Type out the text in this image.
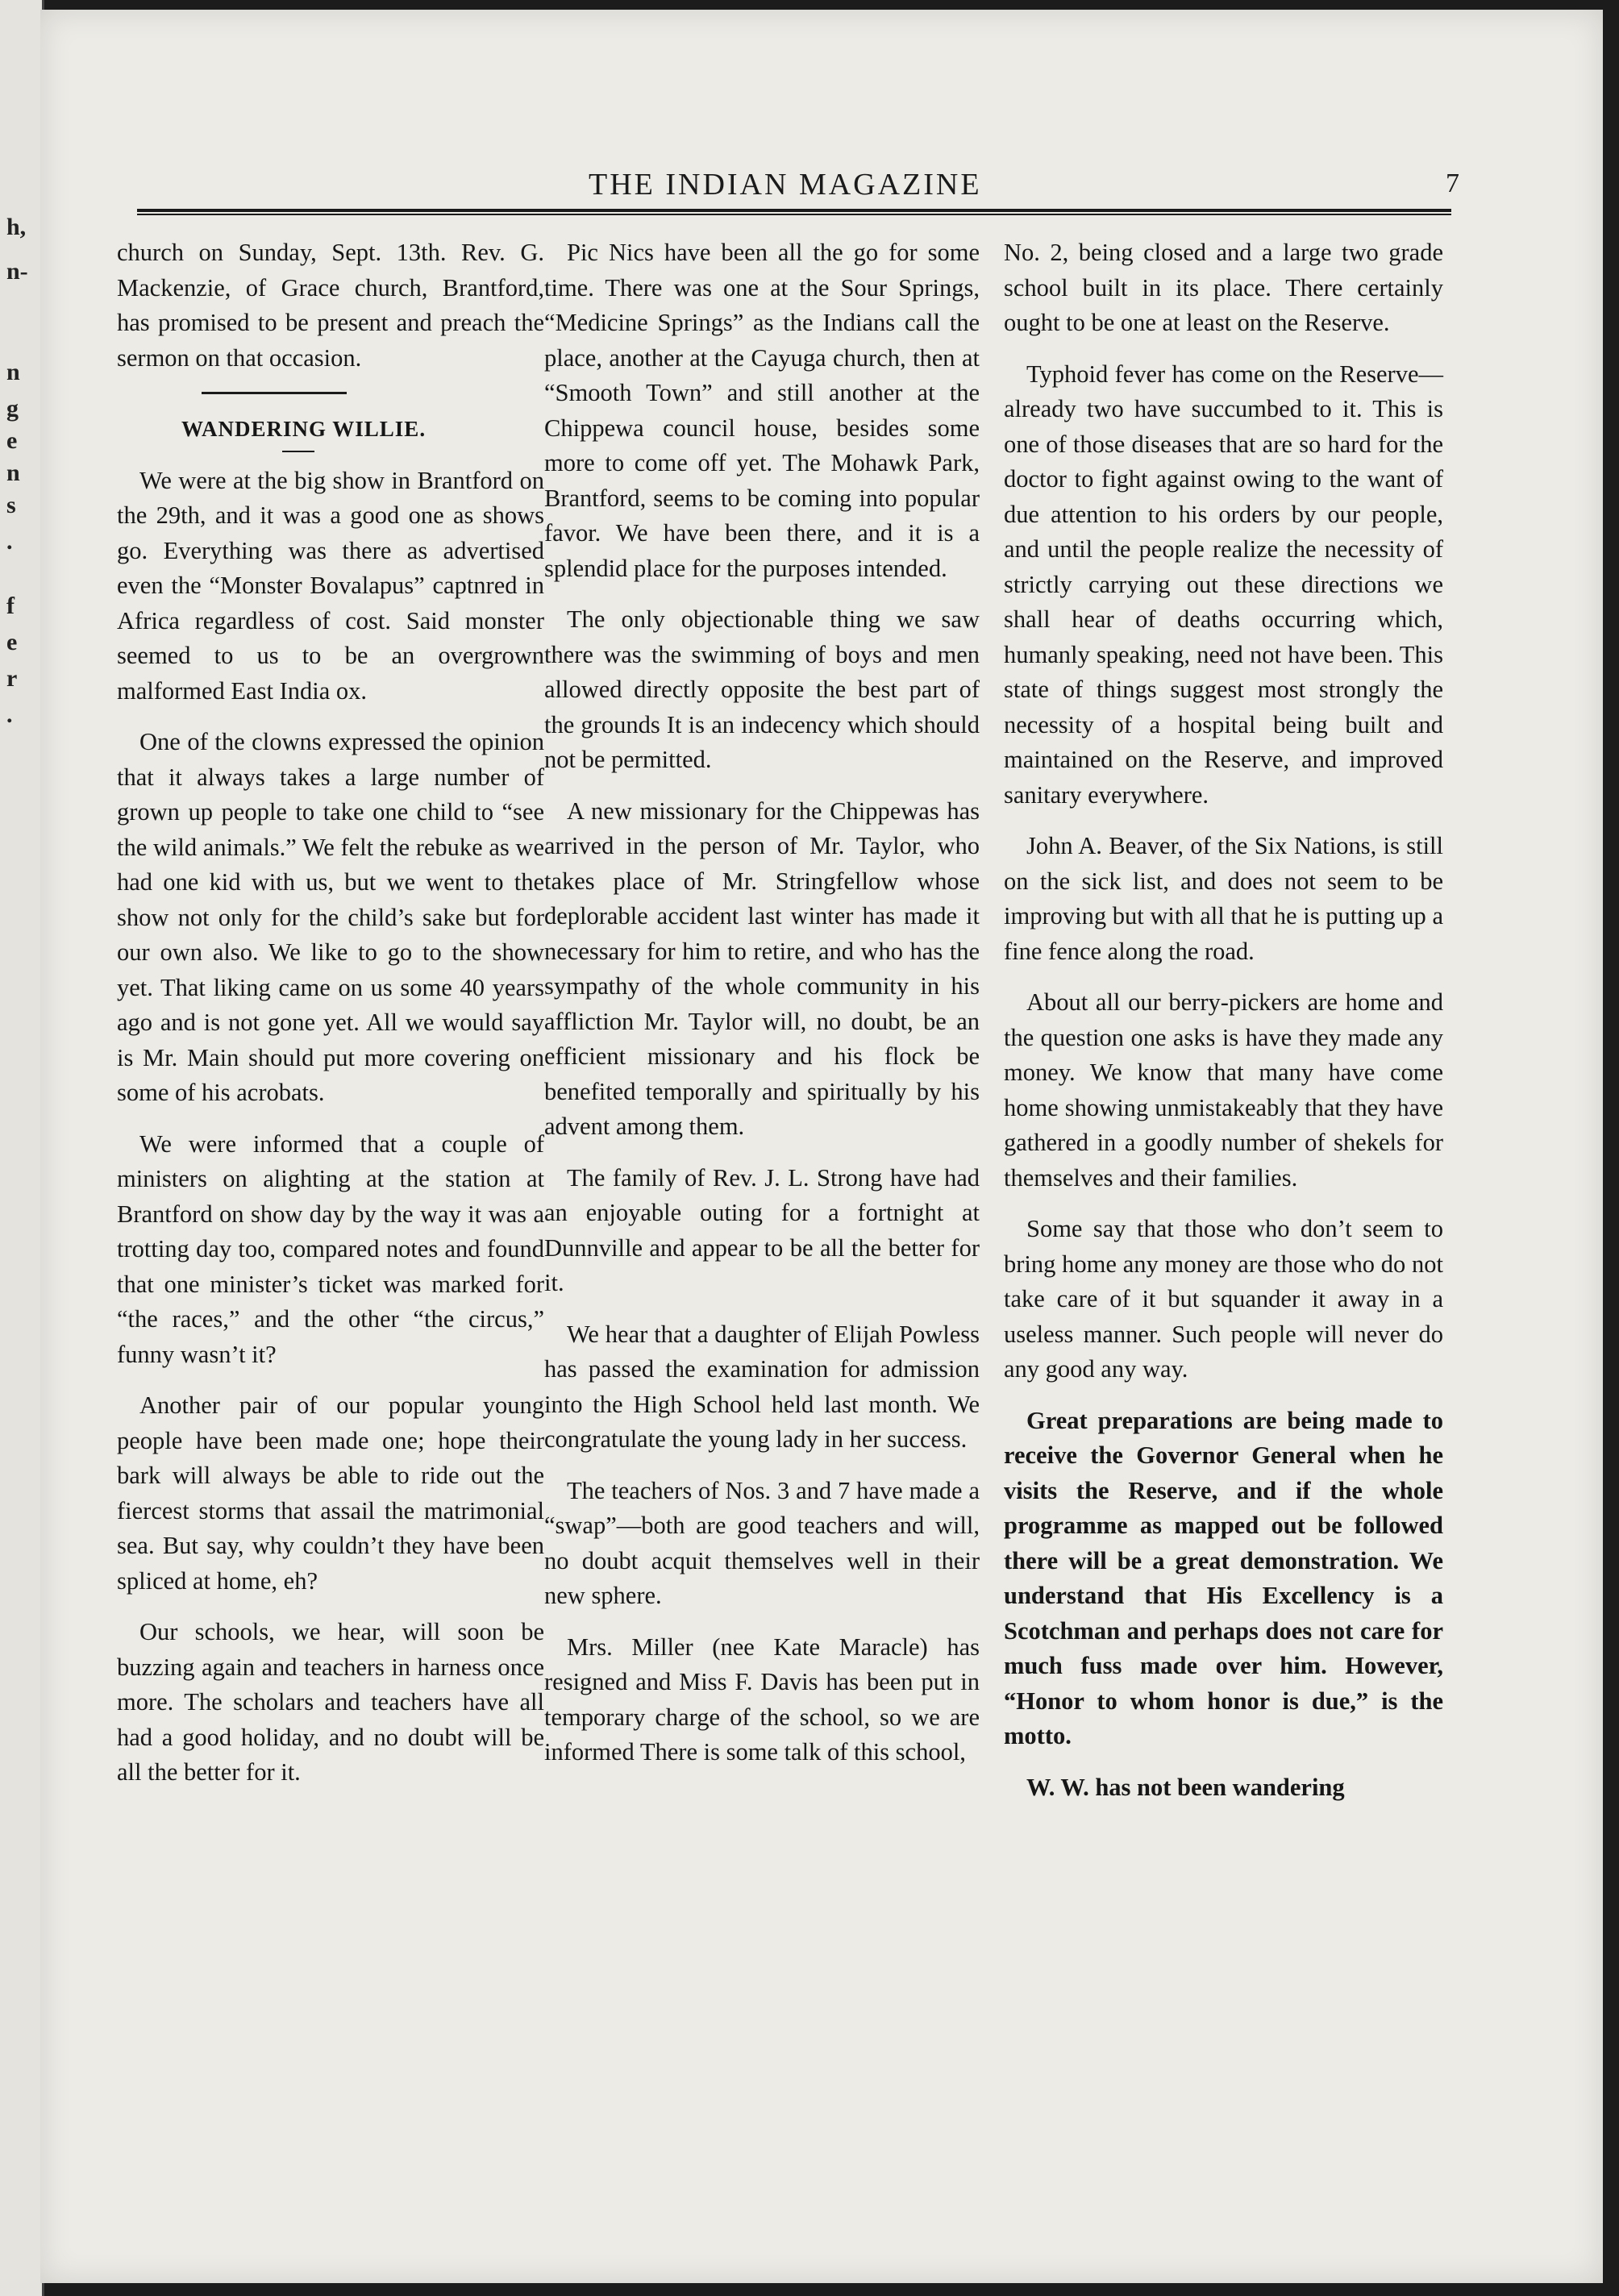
h,
n-
n
g
e
n
s
.
f
e
r
.
THE INDIAN MAGAZINE	7

church on Sunday, Sept. 13th. Rev. G. Mackenzie, of Grace church, Brantford, has promised to be present and preach the sermon on that occasion.

WANDERING WILLIE.

We were at the big show in Brantford on the 29th, and it was a good one as shows go. Everything was there as advertised even the “Monster Bovalapus” captnred in Africa regardless of cost. Said monster seemed to us to be an overgrown malformed East India ox.

One of the clowns expressed the opinion that it always takes a large number of grown up people to take one child to “see the wild animals.” We felt the rebuke as we had one kid with us, but we went to the show not only for the child’s sake but for our own also. We like to go to the show yet. That liking came on us some 40 years ago and is not gone yet. All we would say is Mr. Main should put more covering on some of his acrobats.

We were informed that a couple of ministers on alighting at the station at Brantford on show day by the way it was a trotting day too, compared notes and found that one minister’s ticket was marked for “the races,” and the other “the circus,” funny wasn’t it?

Another pair of our popular young people have been made one; hope their bark will always be able to ride out the fiercest storms that assail the matrimonial sea. But say, why couldn’t they have been spliced at home, eh?

Our schools, we hear, will soon be buzzing again and teachers in harness once more. The scholars and teachers have all had a good holiday, and no doubt will be all the better for it.

Pic Nics have been all the go for some time. There was one at the Sour Springs, “Medicine Springs” as the Indians call the place, another at the Cayuga church, then at “Smooth Town” and still another at the Chippewa council house, besides some more to come off yet. The Mohawk Park, Brantford, seems to be coming into popular favor. We have been there, and it is a splendid place for the purposes intended.

The only objectionable thing we saw there was the swimming of boys and men allowed directly opposite the best part of the grounds It is an indecency which should not be permitted.

A new missionary for the Chippewas has arrived in the person of Mr. Taylor, who takes place of Mr. Stringfellow whose deplorable accident last winter has made it necessary for him to retire, and who has the sympathy of the whole community in his affliction Mr. Taylor will, no doubt, be an efficient missionary and his flock be benefited temporally and spiritually by his advent among them.

The family of Rev. J. L. Strong have had an enjoyable outing for a fortnight at Dunnville and appear to be all the better for it.

We hear that a daughter of Elijah Powless has passed the examination for admission into the High School held last month. We congratulate the young lady in her success.

The teachers of Nos. 3 and 7 have made a “swap”—both are good teachers and will, no doubt acquit themselves well in their new sphere.

Mrs. Miller (nee Kate Maracle) has resigned and Miss F. Davis has been put in temporary charge of the school, so we are informed There is some talk of this school,

No. 2, being closed and a large two grade school built in its place. There certainly ought to be one at least on the Reserve.

Typhoid fever has come on the Reserve—already two have succumbed to it. This is one of those diseases that are so hard for the doctor to fight against owing to the want of due attention to his orders by our people, and until the people realize the necessity of strictly carrying out these directions we shall hear of deaths occurring which, humanly speaking, need not have been. This state of things suggest most strongly the necessity of a hospital being built and maintained on the Reserve, and improved sanitary everywhere.

John A. Beaver, of the Six Nations, is still on the sick list, and does not seem to be improving but with all that he is putting up a fine fence along the road.

About all our berry-pickers are home and the question one asks is have they made any money. We know that many have come home showing unmistakeably that they have gathered in a goodly number of shekels for themselves and their families.

Some say that those who don’t seem to bring home any money are those who do not take care of it but squander it away in a useless manner. Such people will never do any good any way.

Great preparations are being made to receive the Governor General when he visits the Reserve, and if the whole programme as mapped out be followed there will be a great demonstration. We understand that His Excellency is a Scotchman and perhaps does not care for much fuss made over him. However, “Honor to whom honor is due,” is the motto.

W. W. has not been wandering
